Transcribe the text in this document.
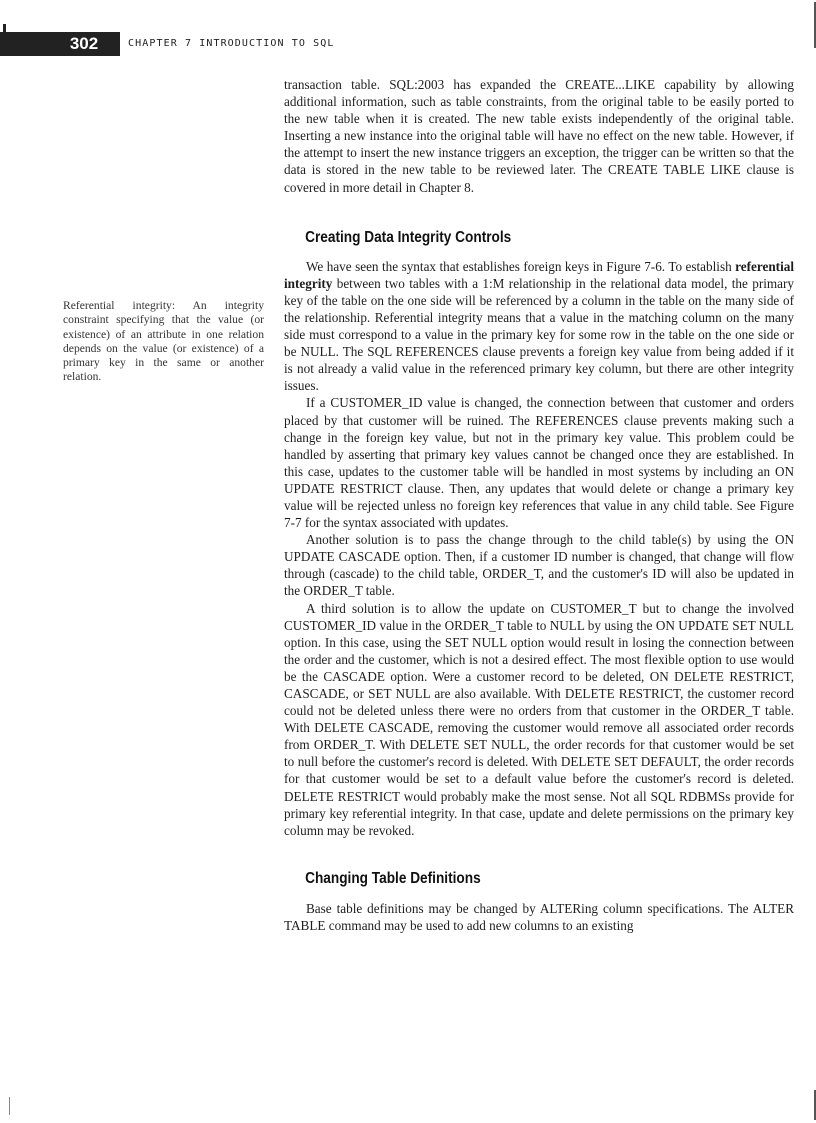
302	CHAPTER 7 INTRODUCTION TO SQL
Referential integrity: An integrity constraint specifying that the value (or existence) of an attribute in one relation depends on the value (or existence) of a primary key in the same or another relation.

transaction table. SQL:2003 has expanded the CREATE...LIKE capability by allowing additional information, such as table constraints, from the original table to be easily ported to the new table when it is created. The new table exists independently of the original table. Inserting a new instance into the original table will have no effect on the new table. However, if the attempt to insert the new instance triggers an exception, the trigger can be written so that the data is stored in the new table to be reviewed later. The CREATE TABLE LIKE clause is covered in more detail in Chapter 8.

Creating Data Integrity Controls

We have seen the syntax that establishes foreign keys in Figure 7-6. To establish referential integrity between two tables with a 1:M relationship in the relational data model, the primary key of the table on the one side will be referenced by a column in the table on the many side of the relationship. Referential integrity means that a value in the matching column on the many side must correspond to a value in the primary key for some row in the table on the one side or be NULL. The SQL REFERENCES clause prevents a foreign key value from being added if it is not already a valid value in the referenced primary key column, but there are other integrity issues.

If a CUSTOMER_ID value is changed, the connection between that customer and orders placed by that customer will be ruined. The REFERENCES clause prevents making such a change in the foreign key value, but not in the primary key value. This problem could be handled by asserting that primary key values cannot be changed once they are established. In this case, updates to the customer table will be handled in most systems by including an ON UPDATE RESTRICT clause. Then, any updates that would delete or change a primary key value will be rejected unless no foreign key references that value in any child table. See Figure 7-7 for the syntax associated with updates.

Another solution is to pass the change through to the child table(s) by using the ON UPDATE CASCADE option. Then, if a customer ID number is changed, that change will flow through (cascade) to the child table, ORDER_T, and the customer's ID will also be updated in the ORDER_T table.

A third solution is to allow the update on CUSTOMER_T but to change the involved CUSTOMER_ID value in the ORDER_T table to NULL by using the ON UPDATE SET NULL option. In this case, using the SET NULL option would result in losing the connection between the order and the customer, which is not a desired effect. The most flexible option to use would be the CASCADE option. Were a customer record to be deleted, ON DELETE RESTRICT, CASCADE, or SET NULL are also available. With DELETE RESTRICT, the customer record could not be deleted unless there were no orders from that customer in the ORDER_T table. With DELETE CASCADE, removing the customer would remove all associated order records from ORDER_T. With DELETE SET NULL, the order records for that customer would be set to null before the customer's record is deleted. With DELETE SET DEFAULT, the order records for that customer would be set to a default value before the customer's record is deleted. DELETE RESTRICT would probably make the most sense. Not all SQL RDBMSs provide for primary key referential integrity. In that case, update and delete permissions on the primary key column may be revoked.

Changing Table Definitions

Base table definitions may be changed by ALTERing column specifications. The ALTER TABLE command may be used to add new columns to an existing
